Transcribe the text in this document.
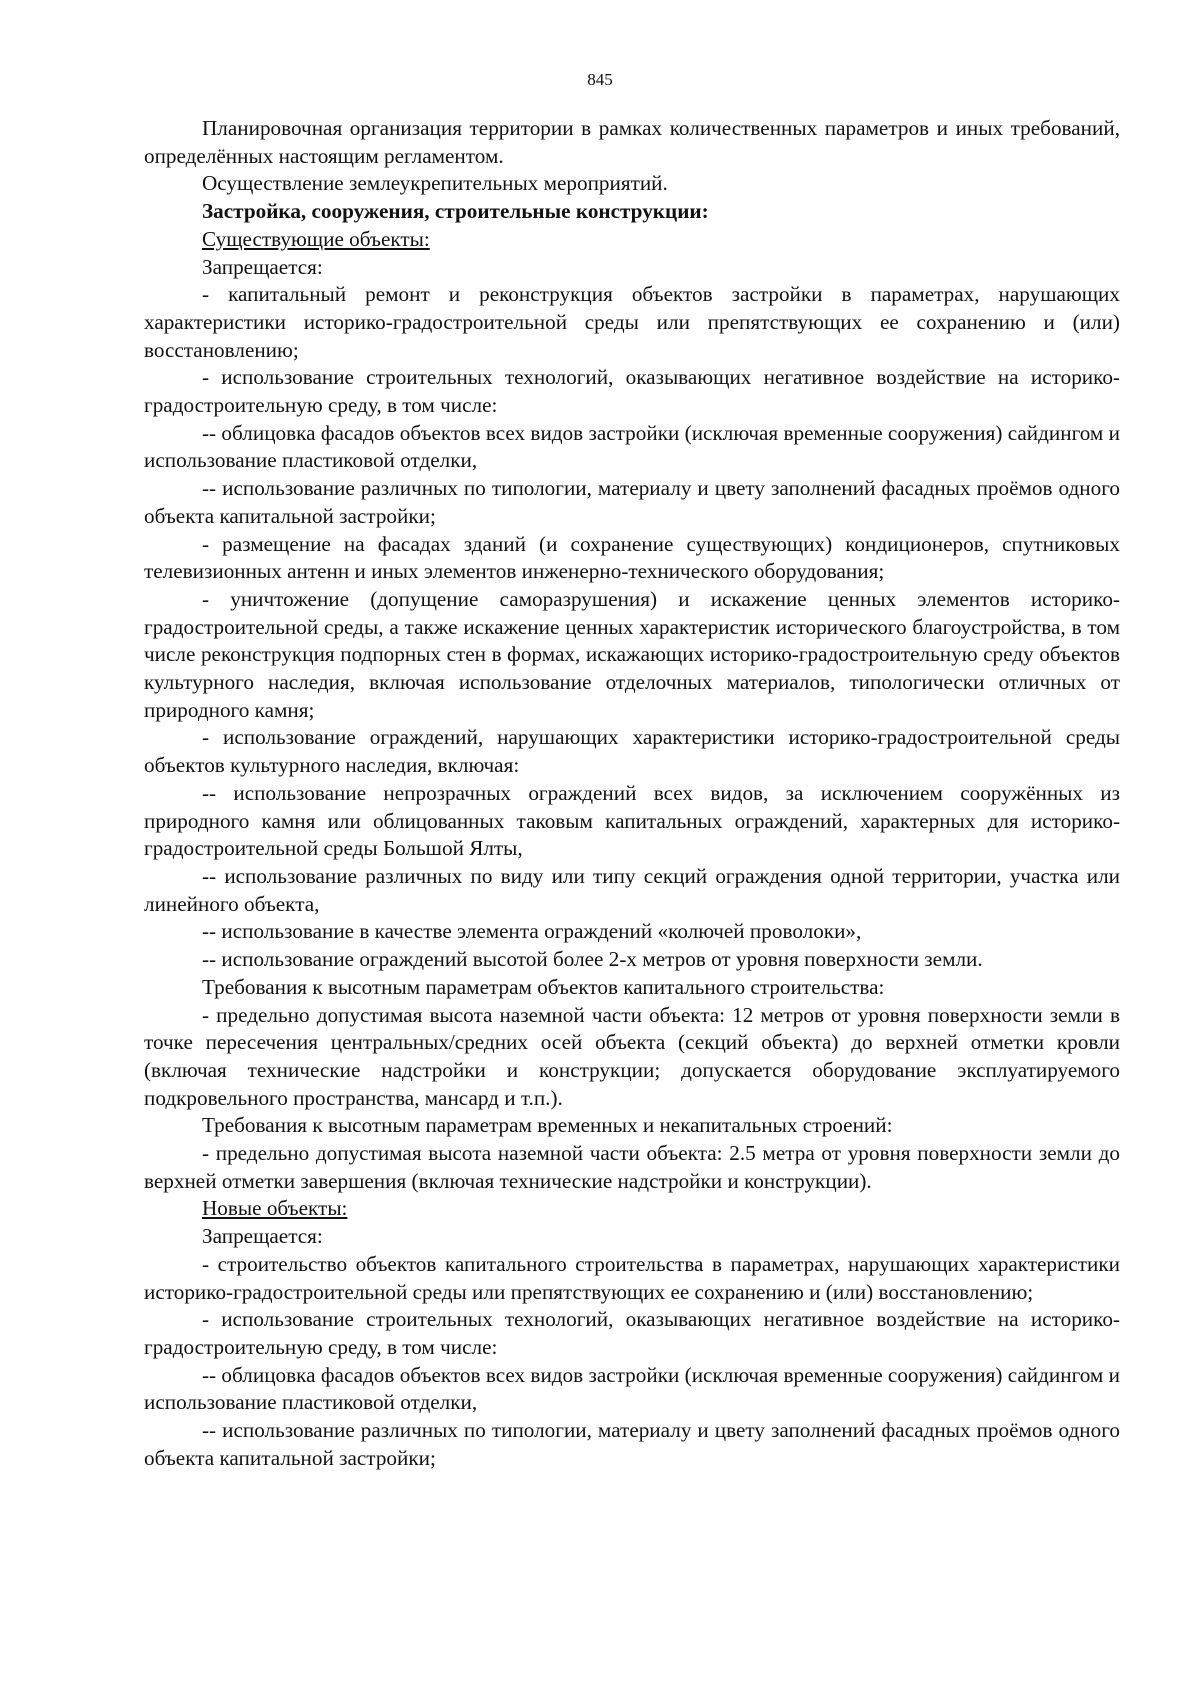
845

Планировочная организация территории в рамках количественных параметров и иных требований, определённых настоящим регламентом.

Осуществление землеукрепительных мероприятий.

Застройка, сооружения, строительные конструкции:

Существующие объекты:

Запрещается:

- капитальный ремонт и реконструкция объектов застройки в параметрах, нарушающих характеристики историко-градостроительной среды или препятствующих ее сохранению и (или) восстановлению;

- использование строительных технологий, оказывающих негативное воздействие на историко-градостроительную среду, в том числе:

-- облицовка фасадов объектов всех видов застройки (исключая временные сооружения) сайдингом и использование пластиковой отделки,

-- использование различных по типологии, материалу и цвету заполнений фасадных проёмов одного объекта капитальной застройки;

- размещение на фасадах зданий (и сохранение существующих) кондиционеров, спутниковых телевизионных антенн и иных элементов инженерно-технического оборудования;

- уничтожение (допущение саморазрушения) и искажение ценных элементов историко-градостроительной среды, а также искажение ценных характеристик исторического благоустройства, в том числе реконструкция подпорных стен в формах, искажающих историко-градостроительную среду объектов культурного наследия, включая использование отделочных материалов, типологически отличных от природного камня;

- использование ограждений, нарушающих характеристики историко-градостроительной среды объектов культурного наследия, включая:

-- использование непрозрачных ограждений всех видов, за исключением сооружённых из природного камня или облицованных таковым капитальных ограждений, характерных для историко-градостроительной среды Большой Ялты,

-- использование различных по виду или типу секций ограждения одной территории, участка или линейного объекта,

-- использование в качестве элемента ограждений «колючей проволоки»,

-- использование ограждений высотой более 2-х метров от уровня поверхности земли.

Требования к высотным параметрам объектов капитального строительства:

- предельно допустимая высота наземной части объекта: 12 метров от уровня поверхности земли в точке пересечения центральных/средних осей объекта (секций объекта) до верхней отметки кровли (включая технические надстройки и конструкции; допускается оборудование эксплуатируемого подкровельного пространства, мансард и т.п.).

Требования к высотным параметрам временных и некапитальных строений:

- предельно допустимая высота наземной части объекта: 2.5 метра от уровня поверхности земли до верхней отметки завершения (включая технические надстройки и конструкции).

Новые объекты:

Запрещается:

- строительство объектов капитального строительства в параметрах, нарушающих характеристики историко-градостроительной среды или препятствующих ее сохранению и (или) восстановлению;

- использование строительных технологий, оказывающих негативное воздействие на историко-градостроительную среду, в том числе:

-- облицовка фасадов объектов всех видов застройки (исключая временные сооружения) сайдингом и использование пластиковой отделки,

-- использование различных по типологии, материалу и цвету заполнений фасадных проёмов одного объекта капитальной застройки;
